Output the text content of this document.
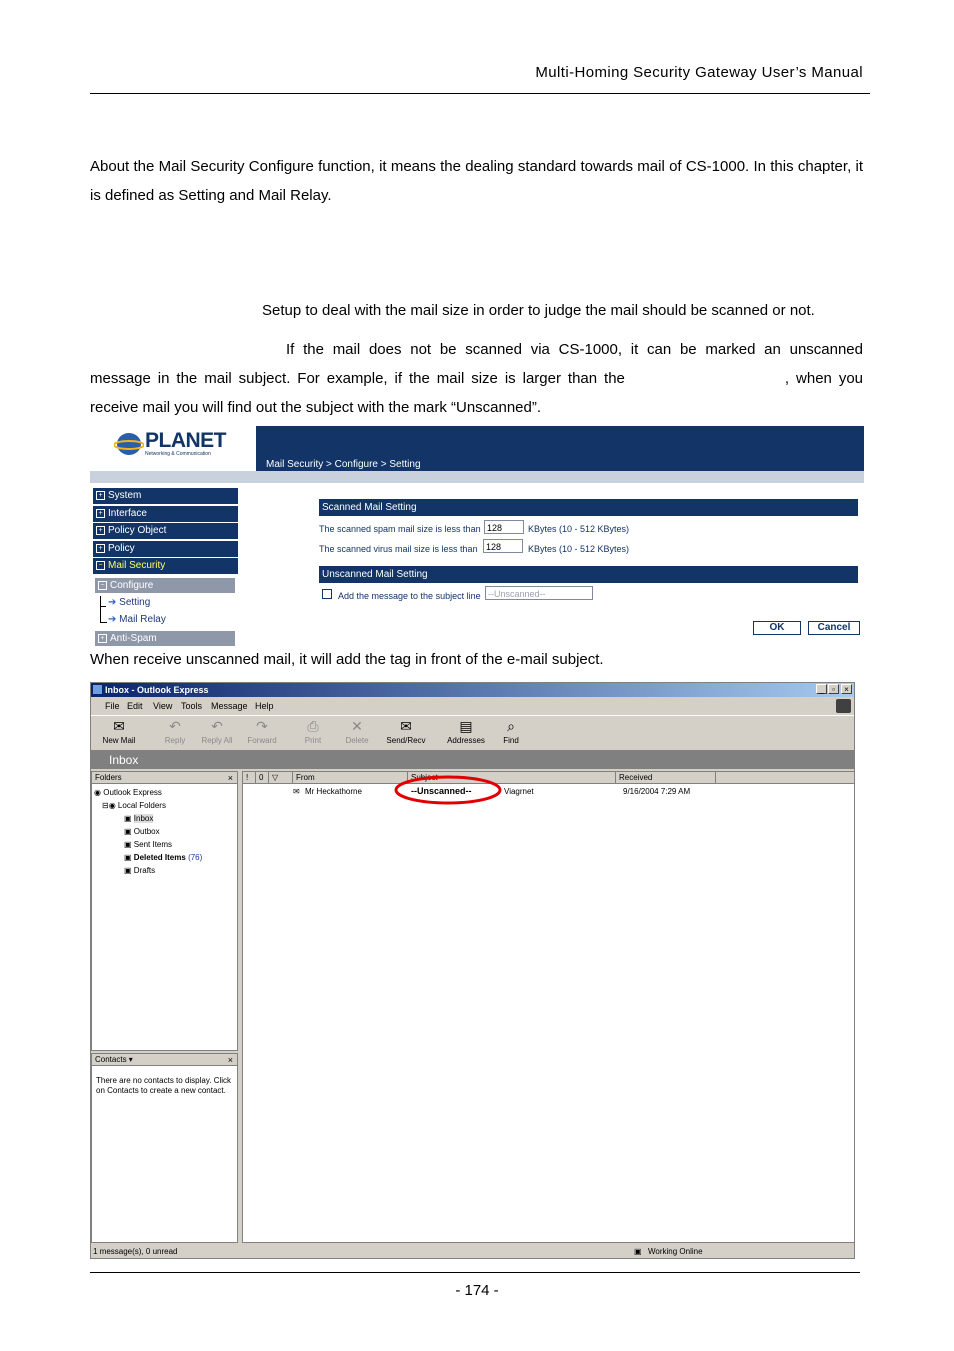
Multi-Homing Security Gateway User’s Manual
About the Mail Security Configure function, it means the dealing standard towards mail of CS-1000. In this chapter, it is defined as Setting and Mail Relay.
Setup to deal with the mail size in order to judge the mail should be scanned or not.
If the mail does not be scanned via CS-1000, it can be marked an unscanned message in the mail subject. For example, if the mail size is larger than the	, when you receive mail you will find out the subject with the mark “Unscanned”.
PLANET
Networking & Communication
Mail Security > Configure > Setting
+ System
+ Interface
+ Policy Object
+ Policy
− Mail Security
− Configure
➔ Setting
➔ Mail Relay
+ Anti-Spam
Scanned Mail Setting
The scanned spam mail size is less than 128	KBytes (10 - 512 KBytes)
The scanned virus mail size is less than 128	KBytes (10 - 512 KBytes)
Unscanned Mail Setting
Add the message to the subject line --Unscanned--
OK	Cancel
When receive unscanned mail, it will add the tag in front of the e-mail subject.
Inbox - Outlook Express	_	▫	×
File Edit View Tools Message Help
✉
New Mail
↶
Reply
↶
Reply All
↷
Forward
⎙
Print
✕
Delete
✉
Send/Recv
▤
Addresses
⌕
Find
Inbox
Folders	×
◉ Outlook Express
⊟◉ Local Folders
▣ Inbox
▣ Outbox
▣ Sent Items
▣ Deleted Items (76)
▣ Drafts
Contacts ▾	×
There are no contacts to display. Click on Contacts to create a new contact.
!	0	▽	From	Subject	Received
✉ Mr Heckathorne	--Unscanned--	Viagrnet	9/16/2004 7:29 AM
1 message(s), 0 unread	▣ Working Online
- 174 -
